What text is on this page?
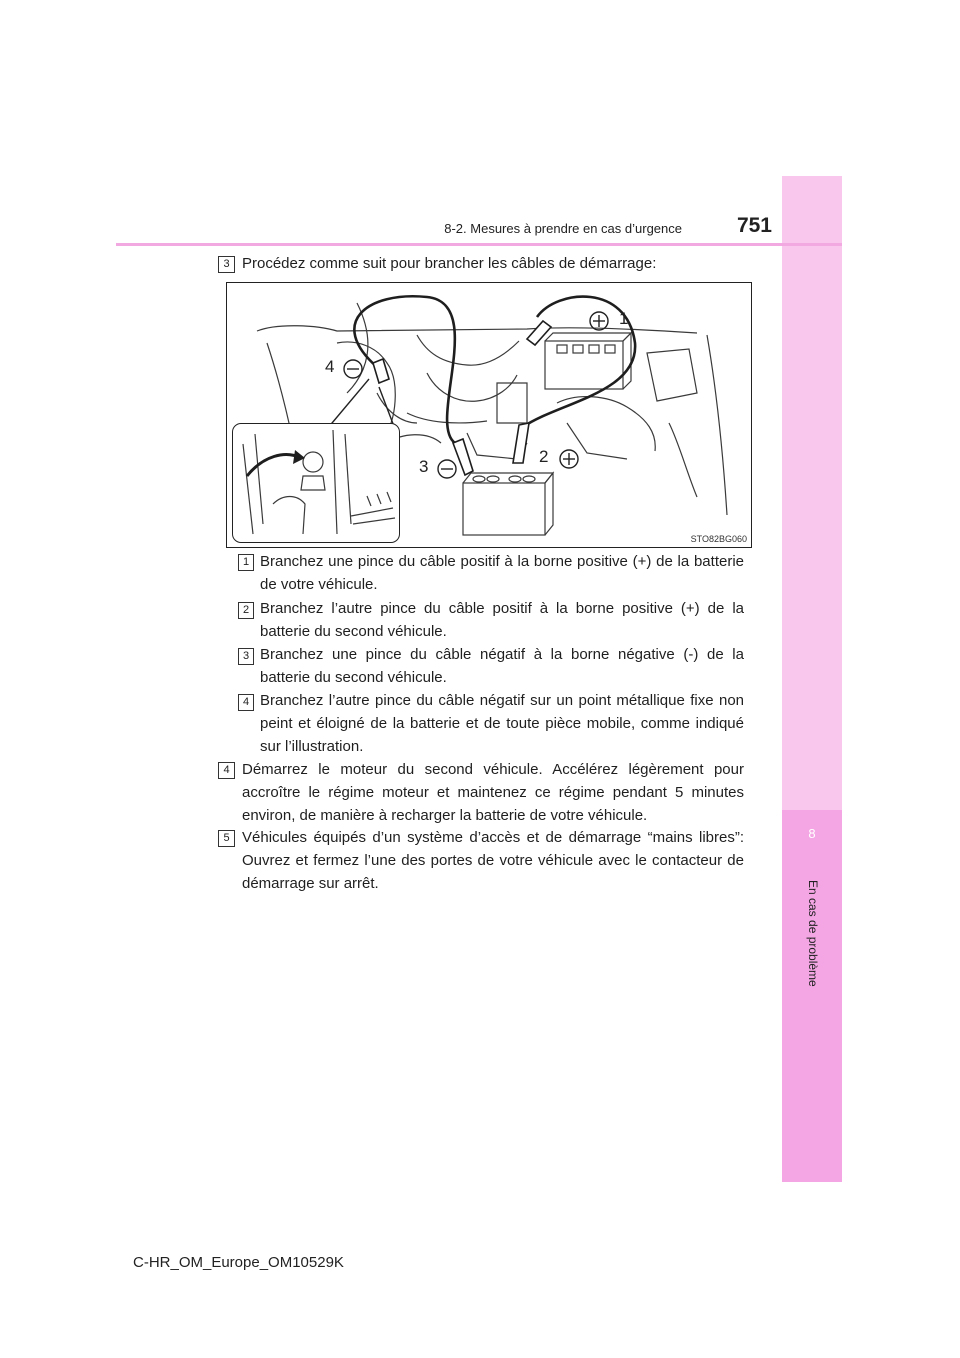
8
En cas de problème
8-2. Mesures à prendre en cas d’urgence	751
3 Procédez comme suit pour brancher les câbles de démarrage:
1
2
3
4
STO82BG060
1 Branchez une pince du câble positif à la borne positive (+) de la batterie de votre véhicule.
2 Branchez l’autre pince du câble positif à la borne positive (+) de la batterie du second véhicule.
3 Branchez une pince du câble négatif à la borne négative (-) de la batterie du second véhicule.
4 Branchez l’autre pince du câble négatif sur un point métallique fixe non peint et éloigné de la batterie et de toute pièce mobile, comme indiqué sur l’illustration.
4 Démarrez le moteur du second véhicule. Accélérez légèrement pour accroître le régime moteur et maintenez ce régime pendant 5 minutes environ, de manière à recharger la batterie de votre véhicule.
5 Véhicules équipés d’un système d’accès et de démarrage “mains libres”: Ouvrez et fermez l’une des portes de votre véhicule avec le contacteur de démarrage sur arrêt.
C-HR_OM_Europe_OM10529K
